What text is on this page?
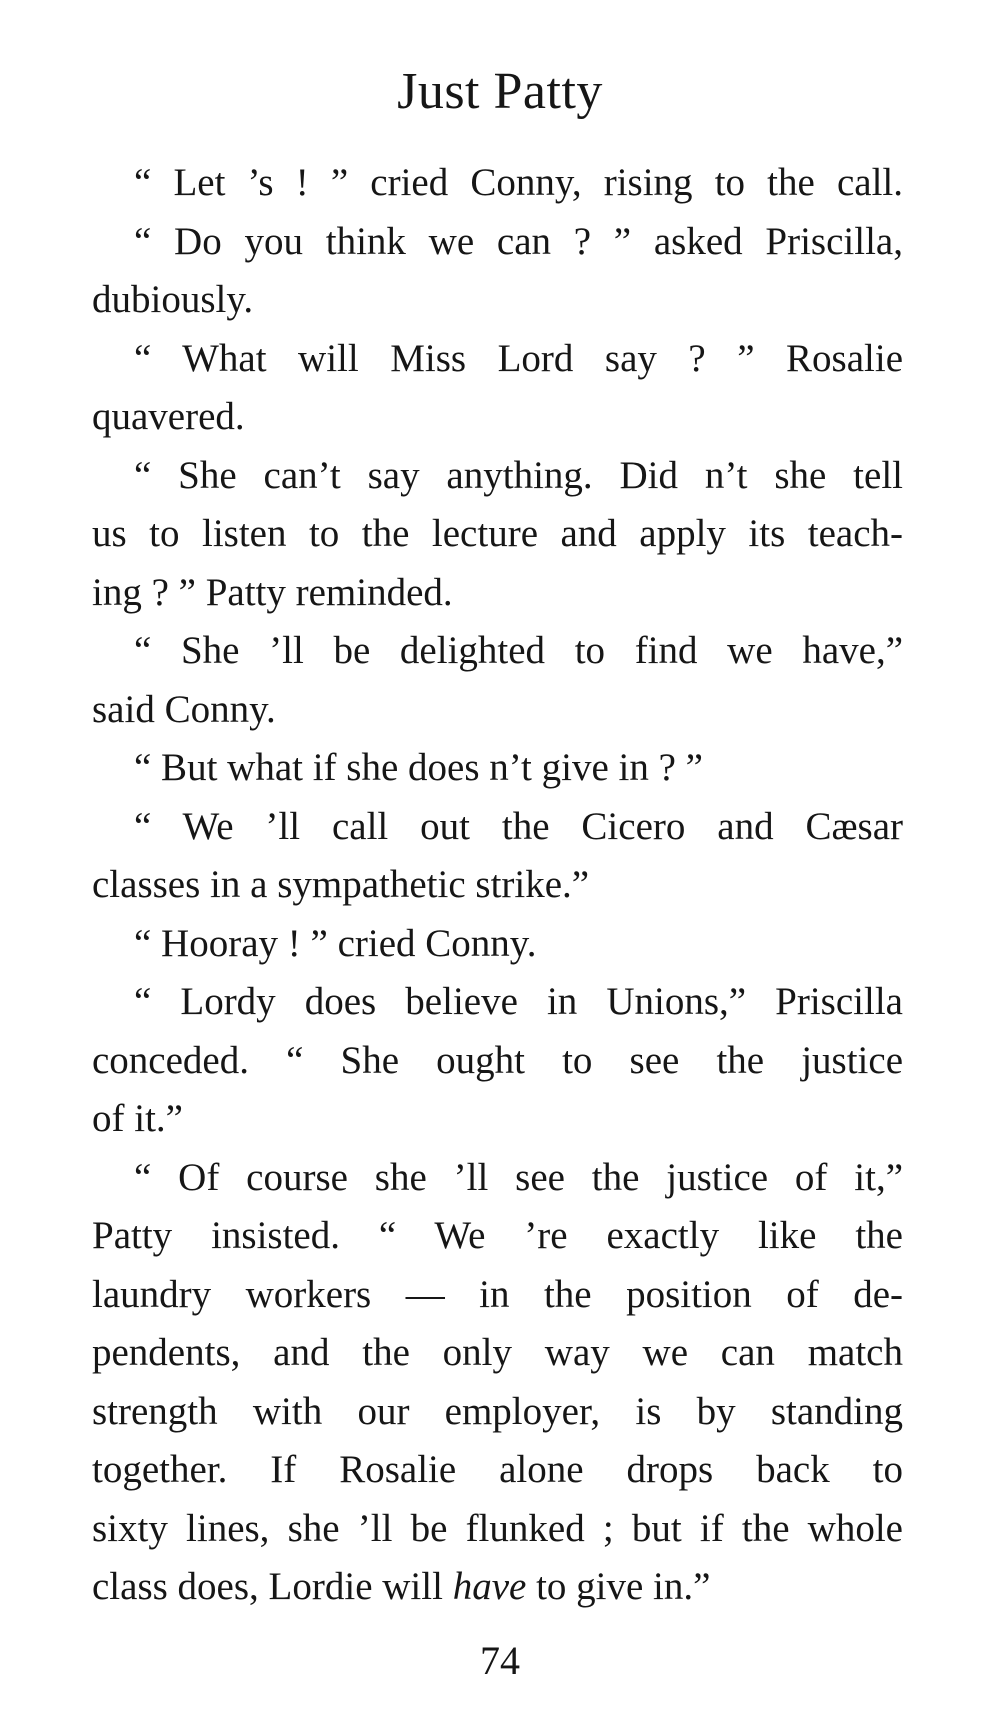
Just Patty
“ Let ’s ! ” cried Conny, rising to the call.
“ Do you think we can ? ” asked Priscilla,
dubiously.
“ What will Miss Lord say ? ” Rosalie
quavered.
“ She can’t say anything. Did n’t she tell
us to listen to the lecture and apply its teach-
ing ? ” Patty reminded.
“ She ’ll be delighted to find we have,”
said Conny.
“ But what if she does n’t give in ? ”
“ We ’ll call out the Cicero and Cæsar
classes in a sympathetic strike.”
“ Hooray ! ” cried Conny.
“ Lordy does believe in Unions,” Priscilla
conceded. “ She ought to see the justice
of it.”
“ Of course she ’ll see the justice of it,”
Patty insisted. “ We ’re exactly like the
laundry workers — in the position of de-
pendents, and the only way we can match
strength with our employer, is by standing
together. If Rosalie alone drops back to
sixty lines, she ’ll be flunked ; but if the whole
class does, Lordie will have to give in.”
74
